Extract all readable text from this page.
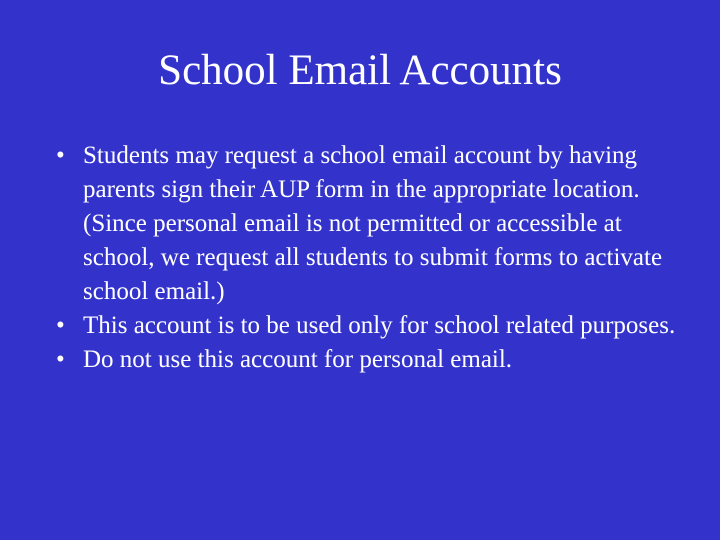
School Email Accounts
• Students may request a school email account by having parents sign their AUP form in the appropriate location. (Since personal email is not permitted or accessible at school, we request all students to submit forms to activate school email.)
• This account is to be used only for school related purposes.
• Do not use this account for personal email.
